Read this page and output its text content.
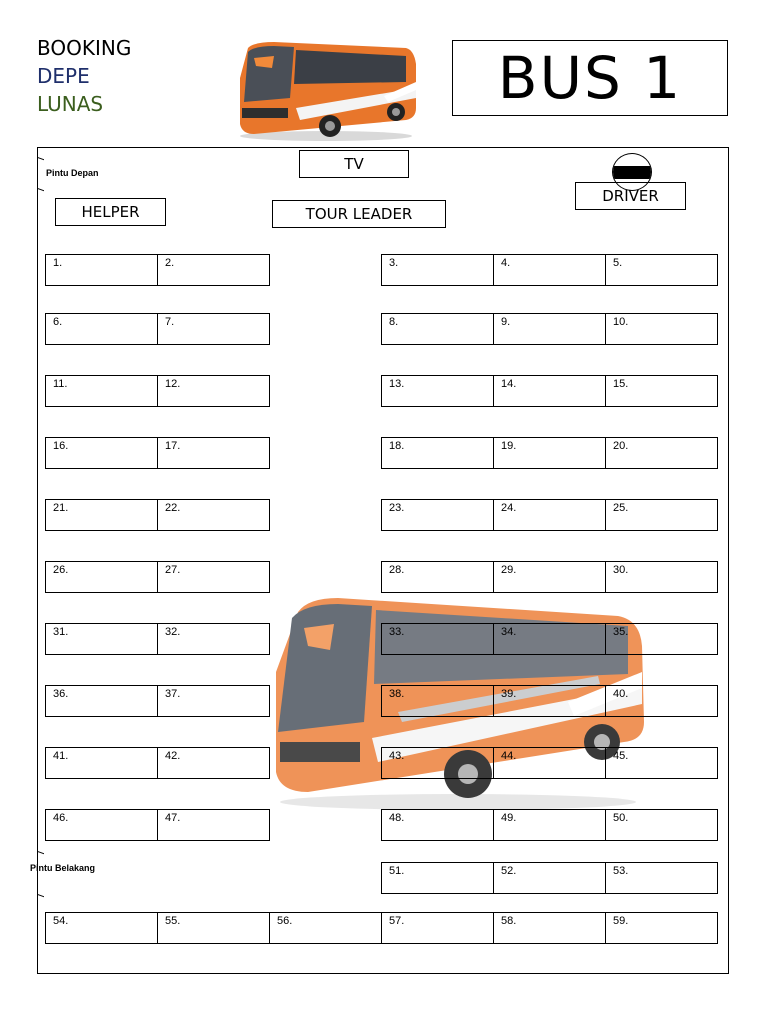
BOOKING
DEPE
LUNAS	BUS 1
Pintu Depan
Pintu Belakang
TV
DRIVER
HELPER	TOUR LEADER
1.	2.	3.	4.	5.
6.	7.	8.	9.	10.
11.	12.	13.	14.	15.
16.	17.	18.	19.	20.
21.	22.	23.	24.	25.
26.	27.	28.	29.	30.
31.	32.	33.	34.	35.
36.	37.	38.	39.	40.
41.	42.	43.	44.	45.
46.	47.	48.	49.	50.
51.	52.	53.
54.	55.	56.	57.	58.	59.
